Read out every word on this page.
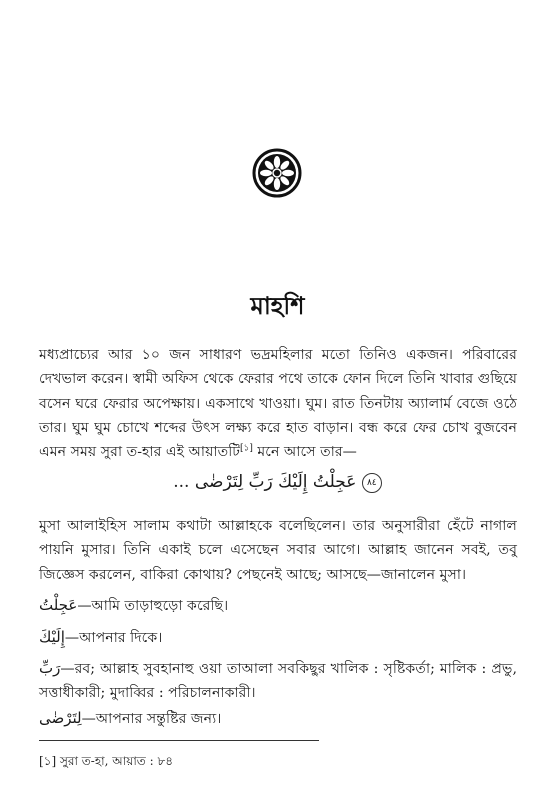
মাহশি

মধ্যপ্রাচ্যের আর ১০ জন সাধারণ ভদ্রমহিলার মতো তিনিও একজন। পরিবারের দেখভাল করেন। স্বামী অফিস থেকে ফেরার পথে তাকে ফোন দিলে তিনি খাবার গুছিয়ে বসেন ঘরে ফেরার অপেক্ষায়। একসাথে খাওয়া। ঘুম। রাত তিনটায় অ্যালার্ম বেজে ওঠে তার। ঘুম ঘুম চোখে শব্দের উৎস লক্ষ্য করে হাত বাড়ান। বন্ধ করে ফের চোখ বুজবেন এমন সময় সুরা ত-হার এই আয়াতটি[১] মনে আসে তার—

... عَجِلْتُ إِلَيْكَ رَبِّ لِتَرْضٰى ٨٤

মুসা আলাইহিস সালাম কথাটা আল্লাহকে বলেছিলেন। তার অনুসারীরা হেঁটে নাগাল পায়নি মুসার। তিনি একাই চলে এসেছেন সবার আগে। আল্লাহ জানেন সবই, তবু জিজ্ঞেস করলেন, বাকিরা কোথায়? পেছনেই আছে; আসছে—জানালেন মুসা।

عَجِلْتُ—আমি তাড়াহুড়ো করেছি।

إِلَيْكَ—আপনার দিকে।

رَبِّ—রব; আল্লাহ সুবহানাহু ওয়া তাআলা সবকিছুর খালিক : সৃষ্টিকর্তা; মালিক : প্রভু, সত্তাধীকারী; মুদাব্বির : পরিচালনাকারী।

لِتَرْضٰى—আপনার সন্তুষ্টির জন্য।

[১] সুরা ত-হা, আয়াত : ৮৪
